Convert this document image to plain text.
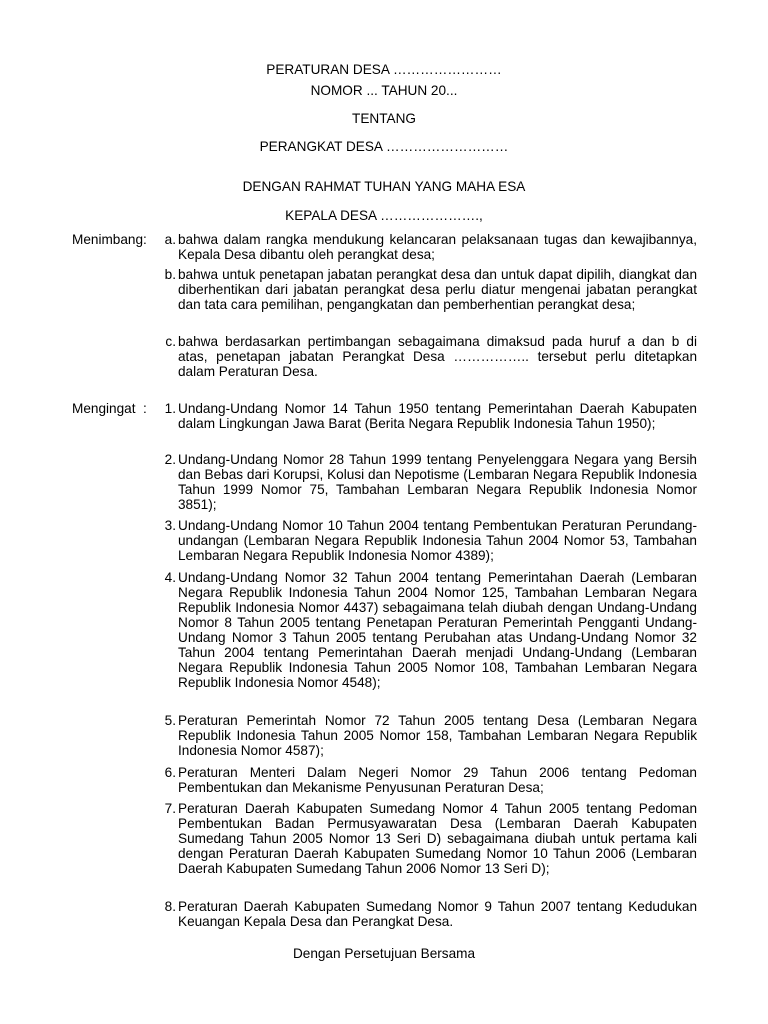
PERATURAN DESA ……………………
NOMOR ... TAHUN 20...
TENTANG
PERANGKAT DESA ………………………
DENGAN RAHMAT TUHAN YANG MAHA ESA
KEPALA DESA ………………….,
Menimbang:	a. bahwa dalam rangka mendukung kelancaran pelaksanaan tugas dan kewajibannya, Kepala Desa dibantu oleh perangkat desa;
b. bahwa untuk penetapan jabatan perangkat desa dan untuk dapat dipilih, diangkat dan diberhentikan dari jabatan perangkat desa perlu diatur mengenai jabatan perangkat dan tata cara pemilihan, pengangkatan dan pemberhentian perangkat desa;
c. bahwa berdasarkan pertimbangan sebagaimana dimaksud pada huruf a dan b di atas, penetapan jabatan Perangkat Desa …………….. tersebut perlu ditetapkan dalam Peraturan Desa.
Mengingat  :	1. Undang-Undang Nomor 14 Tahun 1950 tentang Pemerintahan Daerah Kabupaten dalam Lingkungan Jawa Barat (Berita Negara Republik Indonesia Tahun 1950);
2. Undang-Undang Nomor 28 Tahun 1999 tentang Penyelenggara Negara yang Bersih dan Bebas dari Korupsi, Kolusi dan Nepotisme (Lembaran Negara Republik Indonesia Tahun 1999 Nomor 75, Tambahan Lembaran Negara Republik Indonesia Nomor 3851);
3. Undang-Undang Nomor 10 Tahun 2004 tentang Pembentukan Peraturan Perundang-undangan (Lembaran Negara Republik Indonesia Tahun 2004 Nomor 53, Tambahan Lembaran Negara Republik Indonesia Nomor 4389);
4. Undang-Undang Nomor 32 Tahun 2004 tentang Pemerintahan Daerah (Lembaran Negara Republik Indonesia Tahun 2004 Nomor 125, Tambahan Lembaran Negara Republik Indonesia Nomor 4437) sebagaimana telah diubah dengan Undang-Undang Nomor 8 Tahun 2005 tentang Penetapan Peraturan Pemerintah Pengganti Undang-Undang Nomor 3 Tahun 2005 tentang Perubahan atas Undang-Undang Nomor 32 Tahun 2004 tentang Pemerintahan Daerah menjadi Undang-Undang (Lembaran Negara Republik Indonesia Tahun 2005 Nomor 108, Tambahan Lembaran Negara Republik Indonesia Nomor 4548);
5. Peraturan Pemerintah Nomor 72 Tahun 2005 tentang Desa (Lembaran Negara Republik Indonesia Tahun 2005 Nomor 158, Tambahan Lembaran Negara Republik Indonesia Nomor 4587);
6. Peraturan Menteri Dalam Negeri Nomor 29 Tahun 2006 tentang Pedoman Pembentukan dan Mekanisme Penyusunan Peraturan Desa;
7. Peraturan Daerah Kabupaten Sumedang Nomor 4 Tahun 2005 tentang Pedoman Pembentukan Badan Permusyawaratan Desa (Lembaran Daerah Kabupaten Sumedang Tahun 2005 Nomor 13 Seri D) sebagaimana diubah untuk pertama kali dengan Peraturan Daerah Kabupaten Sumedang Nomor 10 Tahun 2006 (Lembaran Daerah Kabupaten Sumedang Tahun 2006 Nomor 13 Seri D);
8. Peraturan Daerah Kabupaten Sumedang Nomor 9 Tahun 2007 tentang Kedudukan Keuangan Kepala Desa dan Perangkat Desa.
Dengan Persetujuan Bersama
